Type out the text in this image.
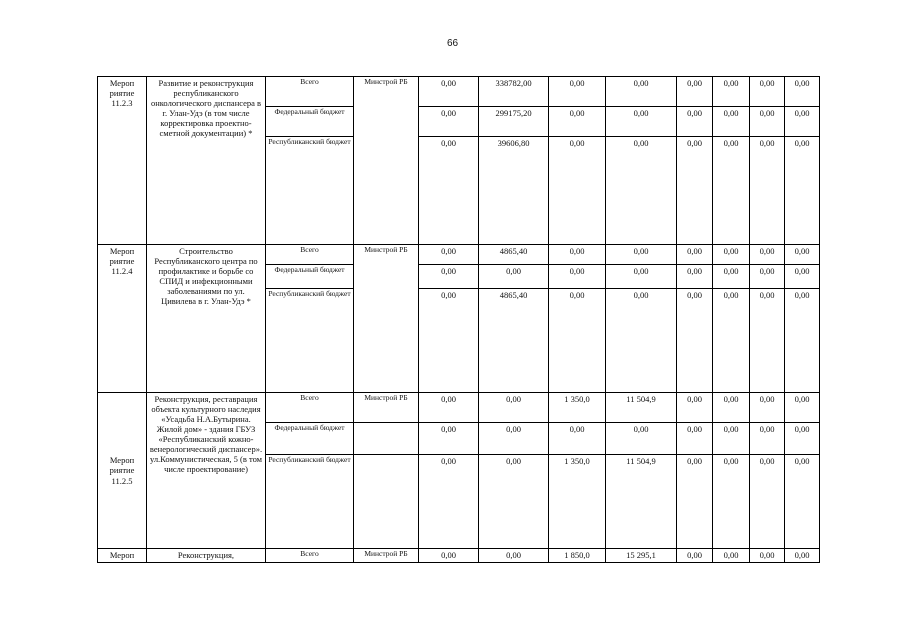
66
Мероп риятие 11.2.3	Развитие и реконструкция республиканского онкологического диспансера в г. Улан-Удэ (в том числе корректировка проектно-сметной документации) *	Всего	Минстрой РБ	0,00	338782,00	0,00	0,00	0,00	0,00	0,00	0,00
		Федеральный бюджет		0,00	299175,20	0,00	0,00	0,00	0,00	0,00	0,00
		Республиканский бюджет		0,00	39606,80	0,00	0,00	0,00	0,00	0,00	0,00
Мероп риятие 11.2.4	Строительство Республиканского центра по профилактике и борьбе со СПИД и инфекционными заболеваниями по ул. Цивилева в г. Улан-Удэ *	Всего	Минстрой РБ	0,00	4865,40	0,00	0,00	0,00	0,00	0,00	0,00
		Федеральный бюджет		0,00	0,00	0,00	0,00	0,00	0,00	0,00	0,00
		Республиканский бюджет		0,00	4865,40	0,00	0,00	0,00	0,00	0,00	0,00
Мероп риятие 11.2.5	Реконструкция, реставрация объекта культурного наследия «Усадьба Н.А.Бутырина. Жилой дом» - здания ГБУЗ «Республиканский кожно-венерологический диспансер». ул.Коммунистическая, 5 (в том числе проектирование)	Всего	Минстрой РБ	0,00	0,00	1 350,0	11 504,9	0,00	0,00	0,00	0,00
		Федеральный бюджет		0,00	0,00	0,00	0,00	0,00	0,00	0,00	0,00
		Республиканский бюджет		0,00	0,00	1 350,0	11 504,9	0,00	0,00	0,00	0,00
Мероп	Реконструкция,	Всего	Минстрой РБ	0,00	0,00	1 850,0	15 295,1	0,00	0,00	0,00	0,00
